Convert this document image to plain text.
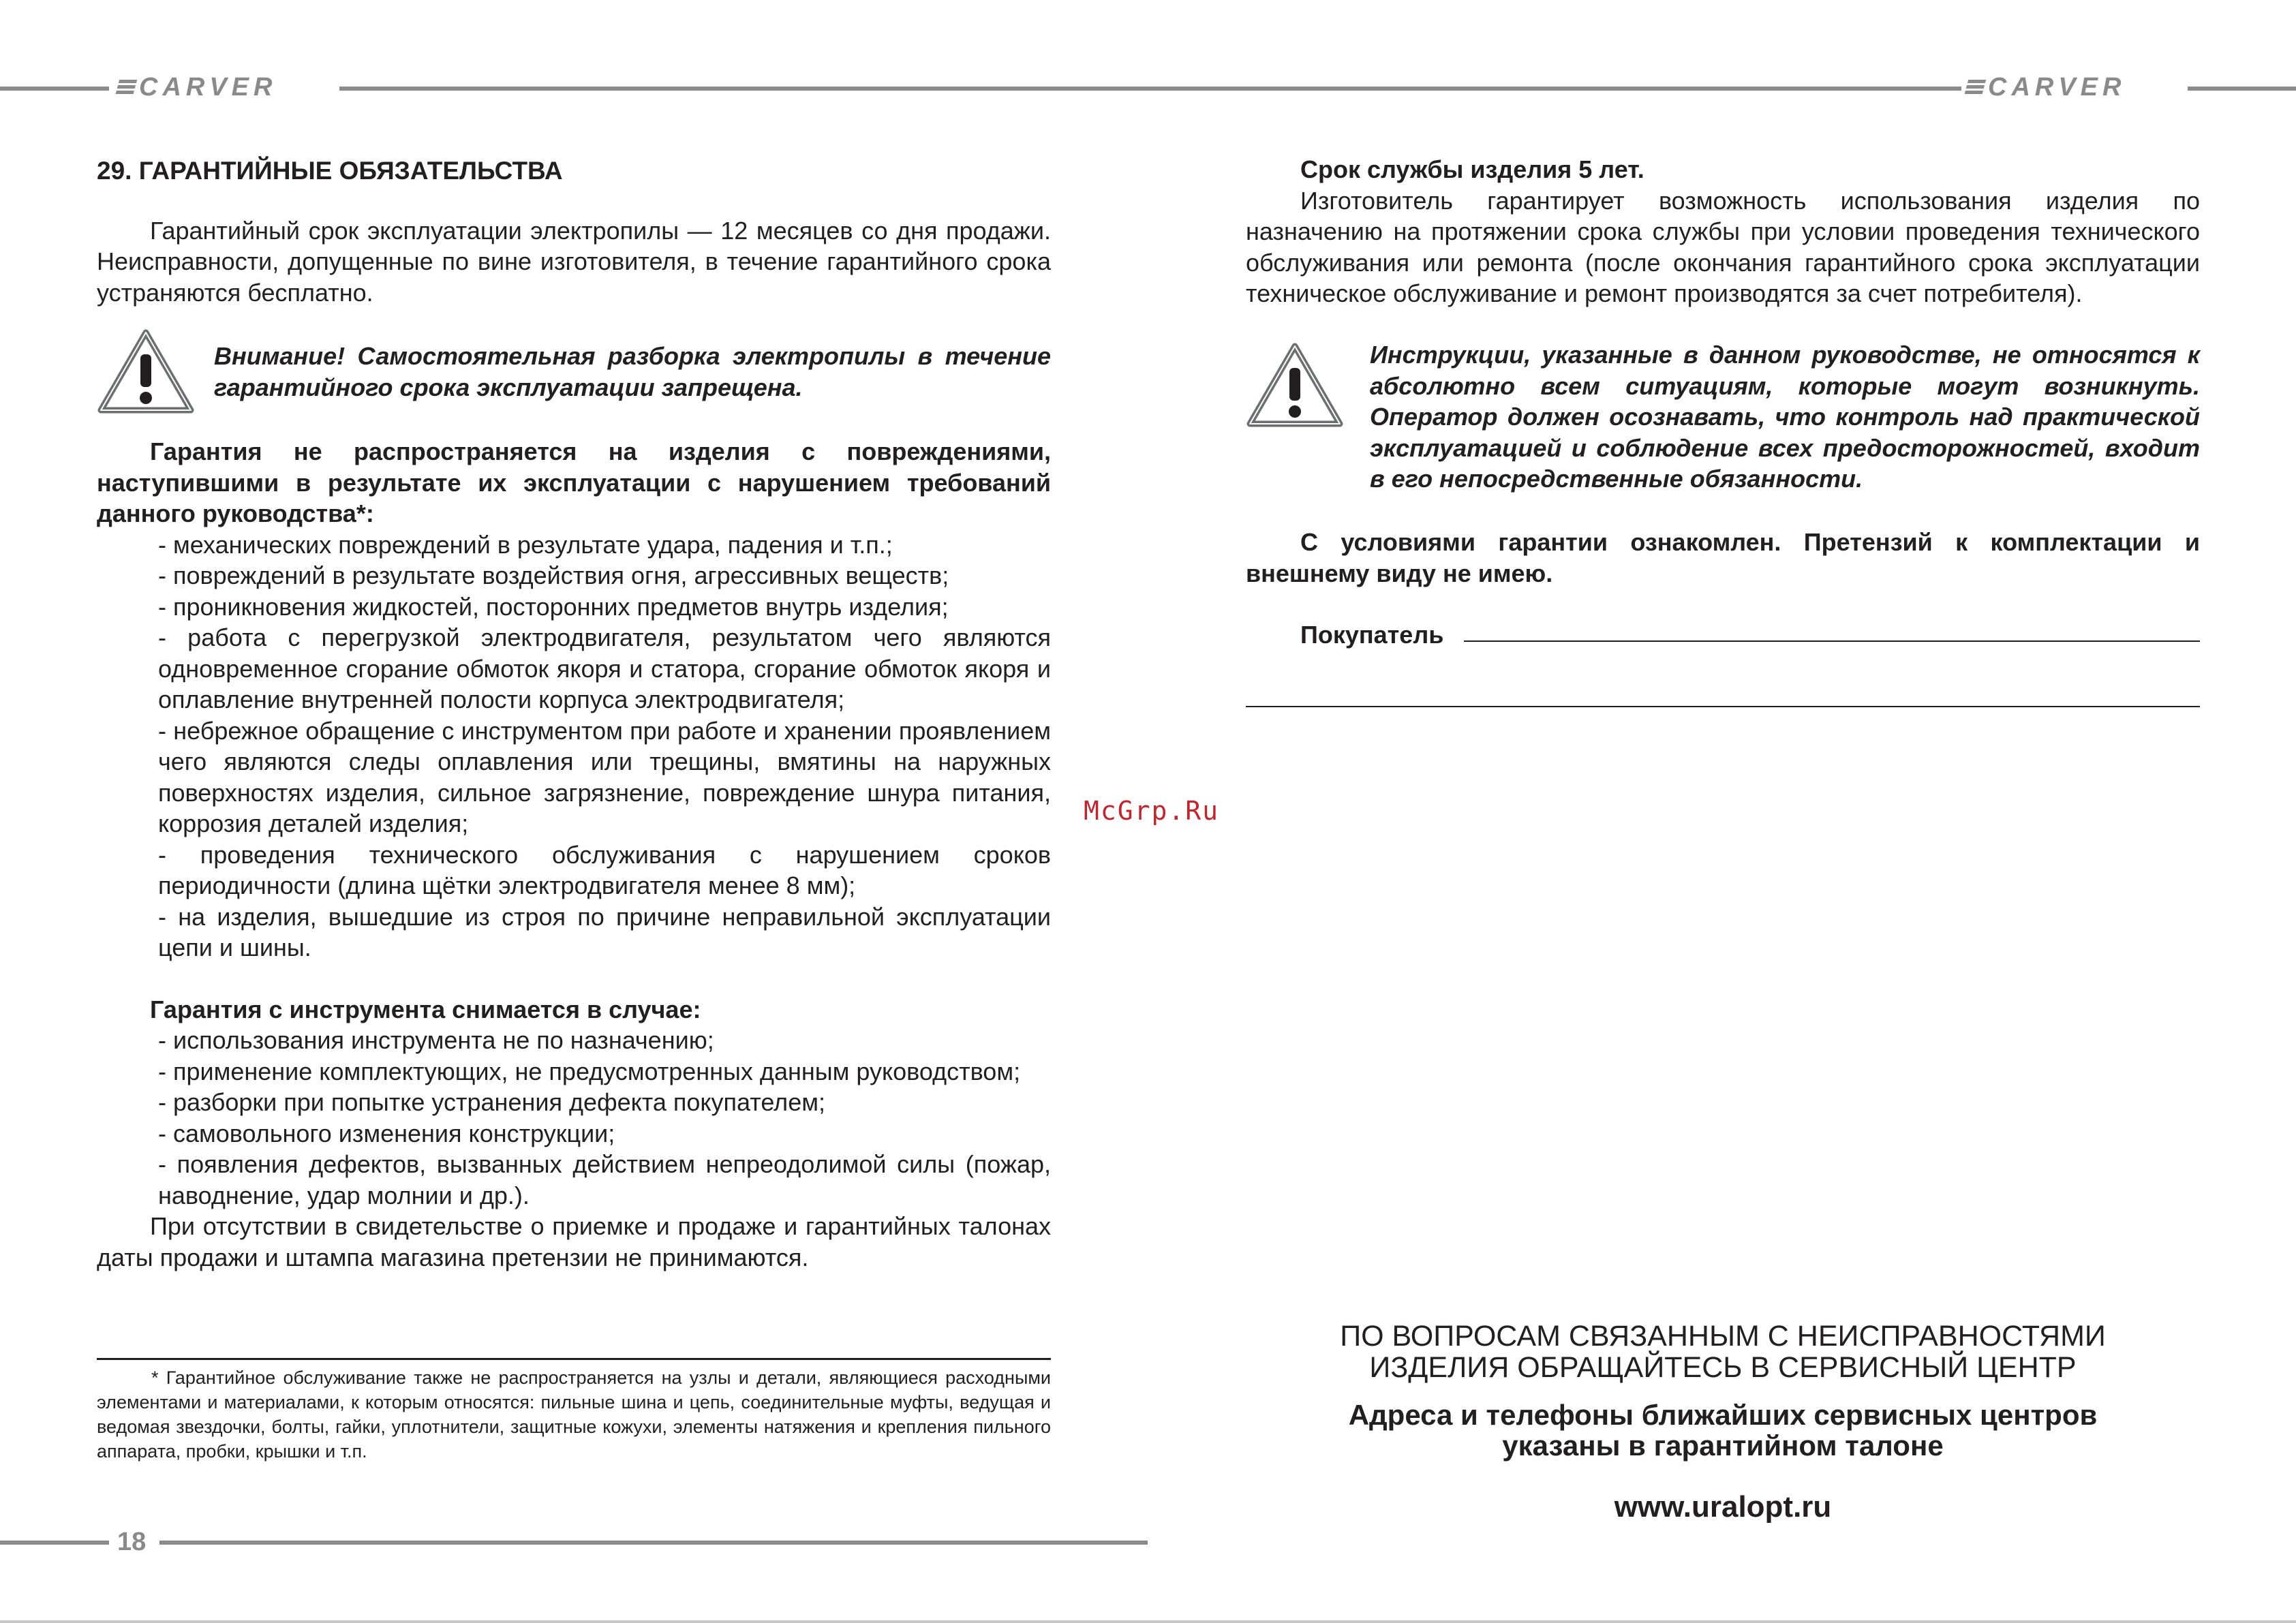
CARVER	CARVER

29. ГАРАНТИЙНЫЕ ОБЯЗАТЕЛЬСТВА

Гарантийный срок эксплуатации электропилы — 12 месяцев со дня продажи. Неисправности, допущенные по вине изготовителя, в течение гарантийного срока устраняются бесплатно.

Внимание! Самостоятельная разборка электропилы в течение гарантийного срока эксплуатации запрещена.

Гарантия не распространяется на изделия с повреждениями, наступившими в результате их эксплуатации с нарушением требований данного руководства*:

- механических повреждений в результате удара, падения и т.п.;

- повреждений в результате воздействия огня, агрессивных веществ;

- проникновения жидкостей, посторонних предметов внутрь изделия;

- работа с перегрузкой электродвигателя, результатом чего являются одновременное сгорание обмоток якоря и статора, сгорание обмоток якоря и оплавление внутренней полости корпуса электродвигателя;

- небрежное обращение с инструментом при работе и хранении проявлением чего являются следы оплавления или трещины, вмятины на наружных поверхностях изделия, сильное загрязнение, повреждение шнура питания, коррозия деталей изделия;

- проведения технического обслуживания с нарушением сроков периодичности (длина щётки электродвигателя менее 8 мм);

- на изделия, вышедшие из строя по причине неправильной эксплуатации цепи и шины.

Гарантия с инструмента снимается в случае:

- использования инструмента не по назначению;

- применение комплектующих, не предусмотренных данным руководством;

- разборки при попытке устранения дефекта покупателем;

- самовольного изменения конструкции;

- появления дефектов, вызванных действием непреодолимой силы (пожар, наводнение, удар молнии и др.).

При отсутствии в свидетельстве о приемке и продаже и гарантийных талонах даты продажи и штампа магазина претензии не принимаются.

* Гарантийное обслуживание также не распространяется на узлы и детали, являющиеся расходными элементами и материалами, к которым относятся: пильные шина и цепь, соединительные муфты, ведущая и ведомая звездочки, болты, гайки, уплотнители, защитные кожухи, элементы натяжения и крепления пильного аппарата, пробки, крышки и т.п.

18
McGrp.Ru

Срок службы изделия 5 лет.

Изготовитель гарантирует возможность использования изделия по назначению на протяжении срока службы при условии проведения технического обслуживания или ремонта (после окончания гарантийного срока эксплуатации техническое обслуживание и ремонт производятся за счет потребителя).

Инструкции, указанные в данном руководстве, не относятся к абсолютно всем ситуациям, которые могут возникнуть. Оператор должен осознавать, что контроль над практической эксплуатацией и соблюдение всех предосторожностей, входит в его непосредственные обязанности.

С условиями гарантии ознакомлен. Претензий к комплектации и внешнему виду не имею.

Покупатель
ПО ВОПРОСАМ СВЯЗАННЫМ С НЕИСПРАВНОСТЯМИ
ИЗДЕЛИЯ ОБРАЩАЙТЕСЬ В СЕРВИСНЫЙ ЦЕНТР
Адреса и телефоны ближайших сервисных центров
указаны в гарантийном талоне
www.uralopt.ru
